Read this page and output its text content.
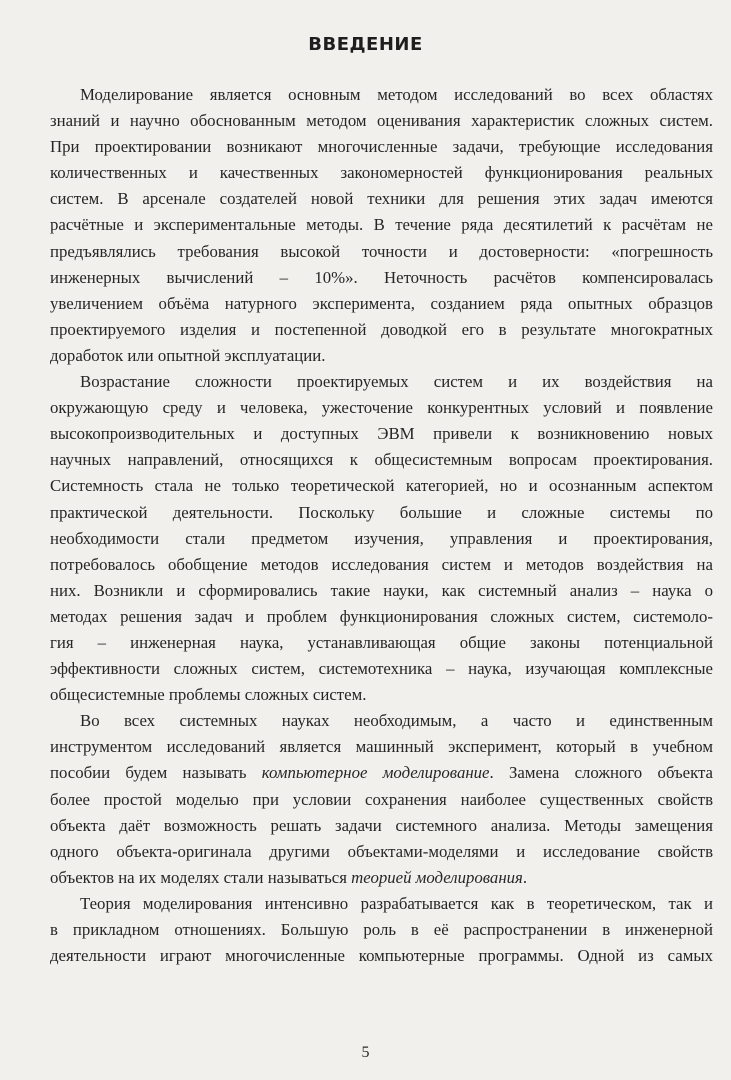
ВВЕДЕНИЕ
Моделирование является основным методом исследований во всех областях
знаний и научно обоснованным методом оценивания характеристик сложных систем.
При проектировании возникают многочисленные задачи, требующие исследования
количественных и качественных закономерностей функционирования реальных
систем. В арсенале создателей новой техники для решения этих задач имеются
расчётные и экспериментальные методы. В течение ряда десятилетий к расчётам не
предъявлялись требования высокой точности и достоверности: «погрешность
инженерных вычислений – 10%». Неточность расчётов компенсировалась
увеличением объёма натурного эксперимента, созданием ряда опытных образцов
проектируемого изделия и постепенной доводкой его в результате многократных
доработок или опытной эксплуатации.
Возрастание сложности проектируемых систем и их воздействия на
окружающую среду и человека, ужесточение конкурентных условий и появление
высокопроизводительных и доступных ЭВМ привели к возникновению новых
научных направлений, относящихся к общесистемным вопросам проектирования.
Системность стала не только теоретической категорией, но и осознанным аспектом
практической деятельности. Поскольку большие и сложные системы по
необходимости стали предметом изучения, управления и проектирования,
потребовалось обобщение методов исследования систем и методов воздействия на
них. Возникли и сформировались такие науки, как системный анализ – наука о
методах решения задач и проблем функционирования сложных систем, системоло-
гия – инженерная наука, устанавливающая общие законы потенциальной
эффективности сложных систем, системотехника – наука, изучающая комплексные
общесистемные проблемы сложных систем.
Во всех системных науках необходимым, а часто и единственным
инструментом исследований является машинный эксперимент, который в учебном
пособии будем называть компьютерное моделирование. Замена сложного объекта
более простой моделью при условии сохранения наиболее существенных свойств
объекта даёт возможность решать задачи системного анализа. Методы замещения
одного объекта-оригинала другими объектами-моделями и исследование свойств
объектов на их моделях стали называться теорией моделирования.
Теория моделирования интенсивно разрабатывается как в теоретическом, так и
в прикладном отношениях. Большую роль в её распространении в инженерной
деятельности играют многочисленные компьютерные программы. Одной из самых
5
